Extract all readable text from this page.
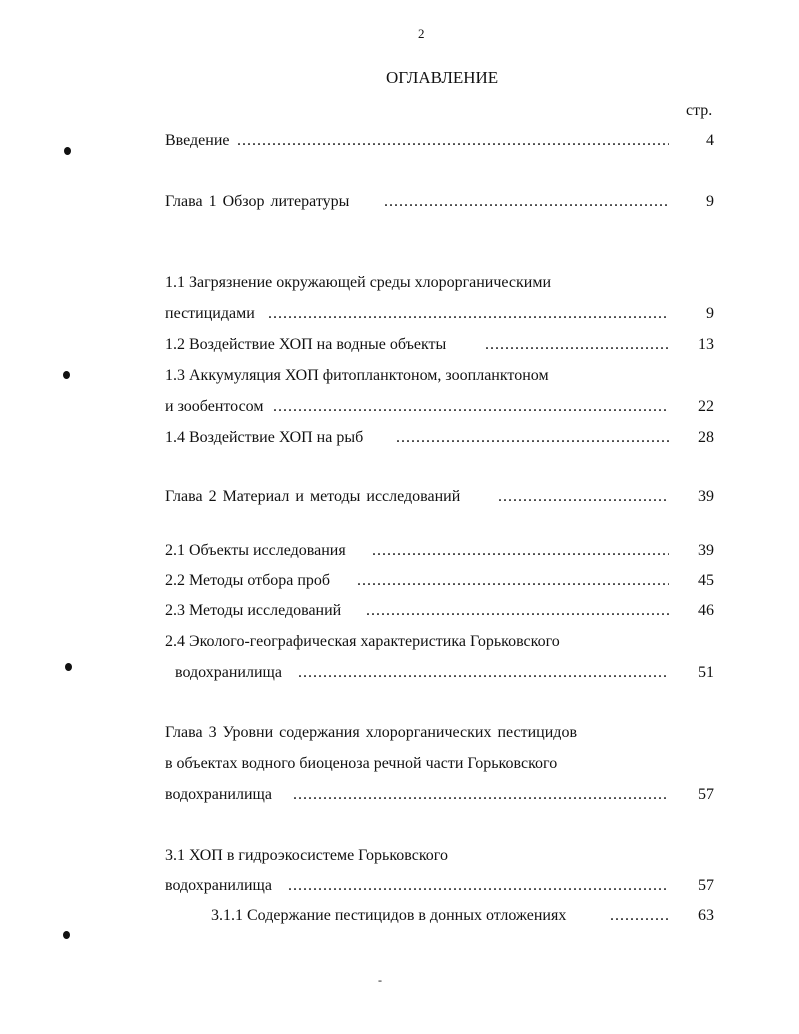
2
ОГЛАВЛЕНИЕ
стр.
Введение .....	4
Глава 1 Обзор литературы .....	9
1.1 Загрязнение окружающей среды хлорорганическими
пестицидами .....	9
1.2 Воздействие ХОП на водные объекты .....	13
1.3 Аккумуляция ХОП фитопланктоном, зоопланктоном
и зообентосом .....	22
1.4 Воздействие ХОП на рыб .....	28
Глава 2 Материал и методы исследований .....	39
2.1 Объекты исследования .....	39
2.2 Методы отбора проб .....	45
2.3 Методы исследований .....	46
2.4 Эколого-географическая характеристика Горьковского
водохранилища .....	51
Глава 3 Уровни содержания хлорорганических пестицидов
в объектах водного биоценоза речной части Горьковского
водохранилища .....	57
3.1 ХОП в гидроэкосистеме Горьковского
водохранилища .....	57
3.1.1 Содержание пестицидов в донных отложениях .....	63
-
